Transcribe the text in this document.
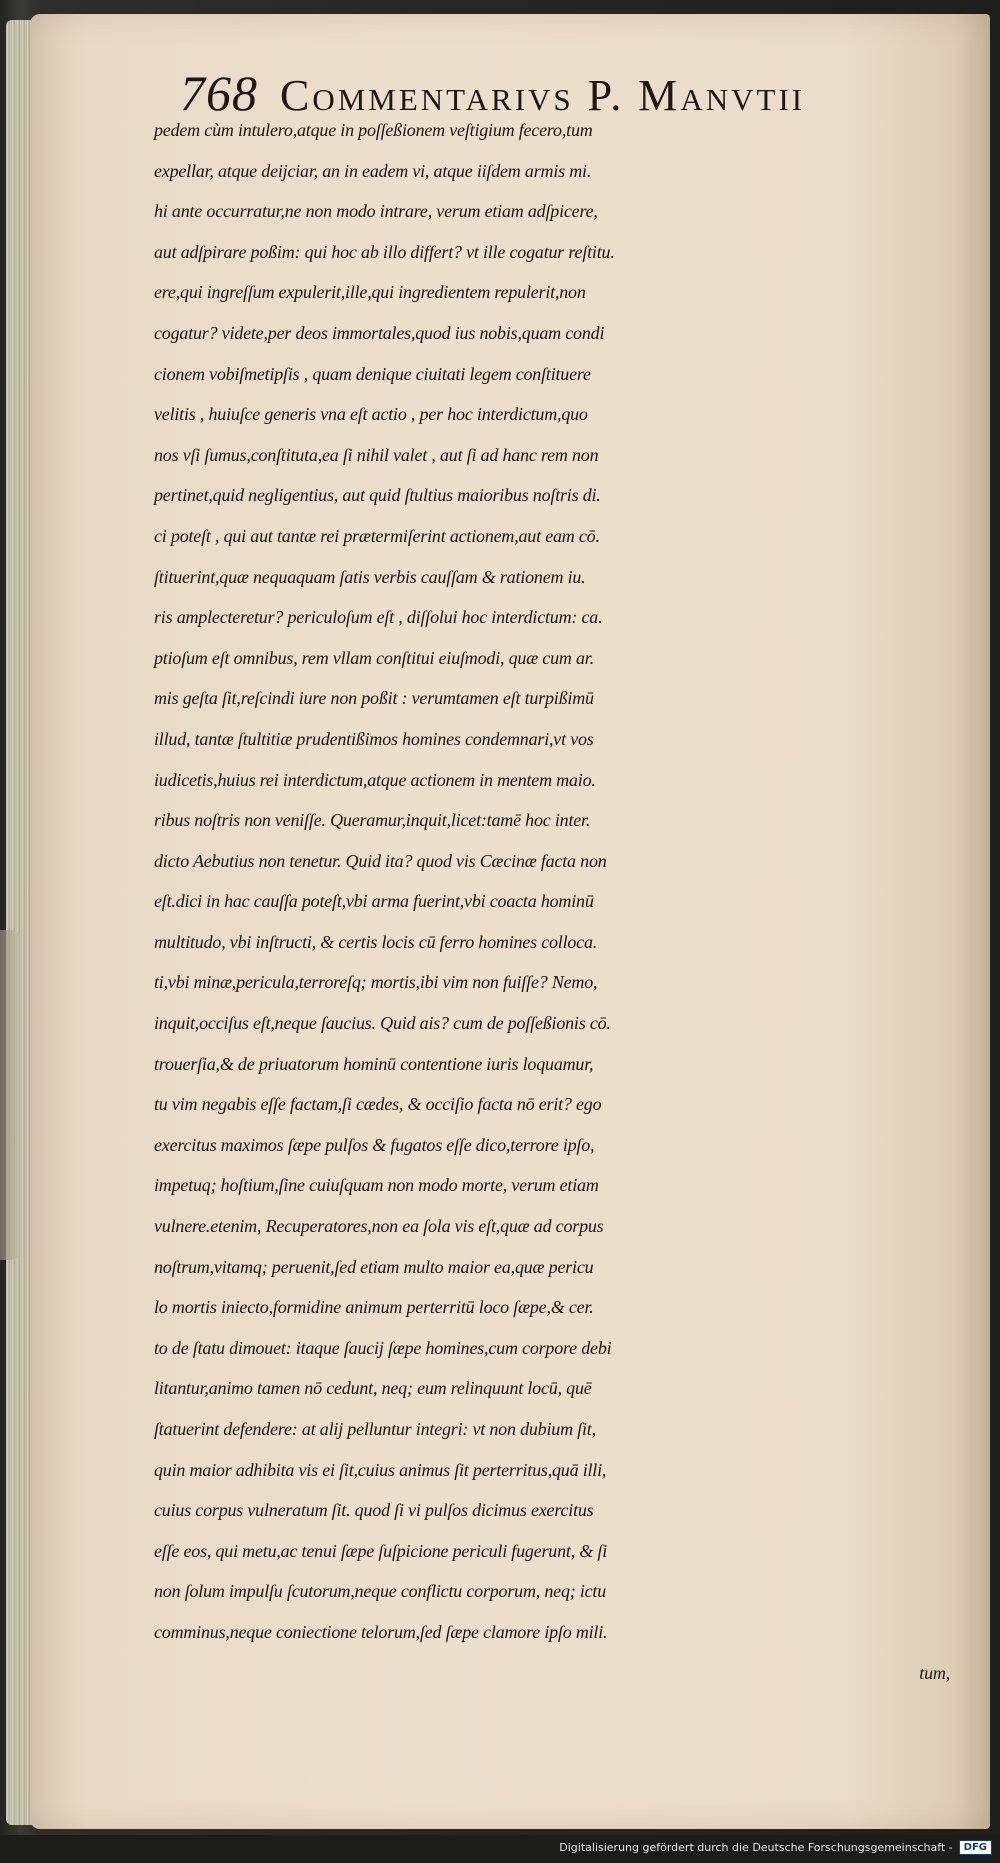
768 Commentarivs P. Manvtii
pedem cùm intulero,atque in poſſeßionem veſtigium fecero,tum
expellar, atque deijciar, an in eadem vi, atque iiſdem armis mi.
hi ante occurratur,ne non modo intrare, verum etiam adſpicere,
aut adſpirare poßim: qui hoc ab illo differt? vt ille cogatur reſtitu.
ere,qui ingreſſum expulerit,ille,qui ingredientem repulerit,non
cogatur? videte,per deos immortales,quod ius nobis,quam condi
cionem vobiſmetipſis , quam denique ciuitati legem conſtituere
velitis , huiuſce generis vna eſt actio , per hoc interdictum,quo
nos vſi ſumus,conſtituta,ea ſi nihil valet , aut ſi ad hanc rem non
pertinet,quid negligentius, aut quid ſtultius maioribus noſtris di.
ci poteſt , qui aut tantæ rei prætermiſerint actionem,aut eam cō.
ſtituerint,quæ nequaquam ſatis verbis cauſſam & rationem iu.
ris amplecteretur? periculoſum eſt , diſſolui hoc interdictum: ca.
ptioſum eſt omnibus, rem vllam conſtitui eiuſmodi, quæ cum ar.
mis geſta ſit,reſcindi iure non poßit : verumtamen eſt turpißimū
illud, tantæ ſtultitiæ prudentißimos homines condemnari,vt vos
iudicetis,huius rei interdictum,atque actionem in mentem maio.
ribus noſtris non veniſſe. Queramur,inquit,licet:tamē hoc inter.
dicto Aebutius non tenetur. Quid ita? quod vis Cæcinæ facta non
eſt.dici in hac cauſſa poteſt,vbi arma fuerint,vbi coacta hominū
multitudo, vbi inſtructi, & certis locis cū ferro homines colloca.
ti,vbi minæ,pericula,terroreſq; mortis,ibi vim non fuiſſe? Nemo,
inquit,occiſus eſt,neque ſaucius. Quid ais? cum de poſſeßionis cō.
trouerſia,& de priuatorum hominū contentione iuris loquamur,
tu vim negabis eſſe factam,ſi cædes, & occiſio facta nō erit? ego
exercitus maximos ſæpe pulſos & fugatos eſſe dico,terrore ipſo,
impetuq; hoſtium,ſine cuiuſquam non modo morte, verum etiam
vulnere.etenim, Recuperatores,non ea ſola vis eſt,quæ ad corpus
noſtrum,vitamq; peruenit,ſed etiam multo maior ea,quæ pericu
lo mortis iniecto,formidine animum perterritū loco ſæpe,& cer.
to de ſtatu dimouet: itaque ſaucij ſæpe homines,cum corpore debi
litantur,animo tamen nō cedunt, neq; eum relinquunt locū, quē
ſtatuerint defendere: at alij pelluntur integri: vt non dubium ſit,
quin maior adhibita vis ei ſit,cuius animus ſit perterritus,quā illi,
cuius corpus vulneratum ſit. quod ſi vi pulſos dicimus exercitus
eſſe eos, qui metu,ac tenui ſæpe ſuſpicione periculi fugerunt, & ſi
non ſolum impulſu ſcutorum,neque conflictu corporum, neq; ictu
comminus,neque coniectione telorum,ſed ſæpe clamore ipſo mili.
tum,
Digitalisierung gefördert durch die Deutsche Forschungsgemeinschaft -	DFG
